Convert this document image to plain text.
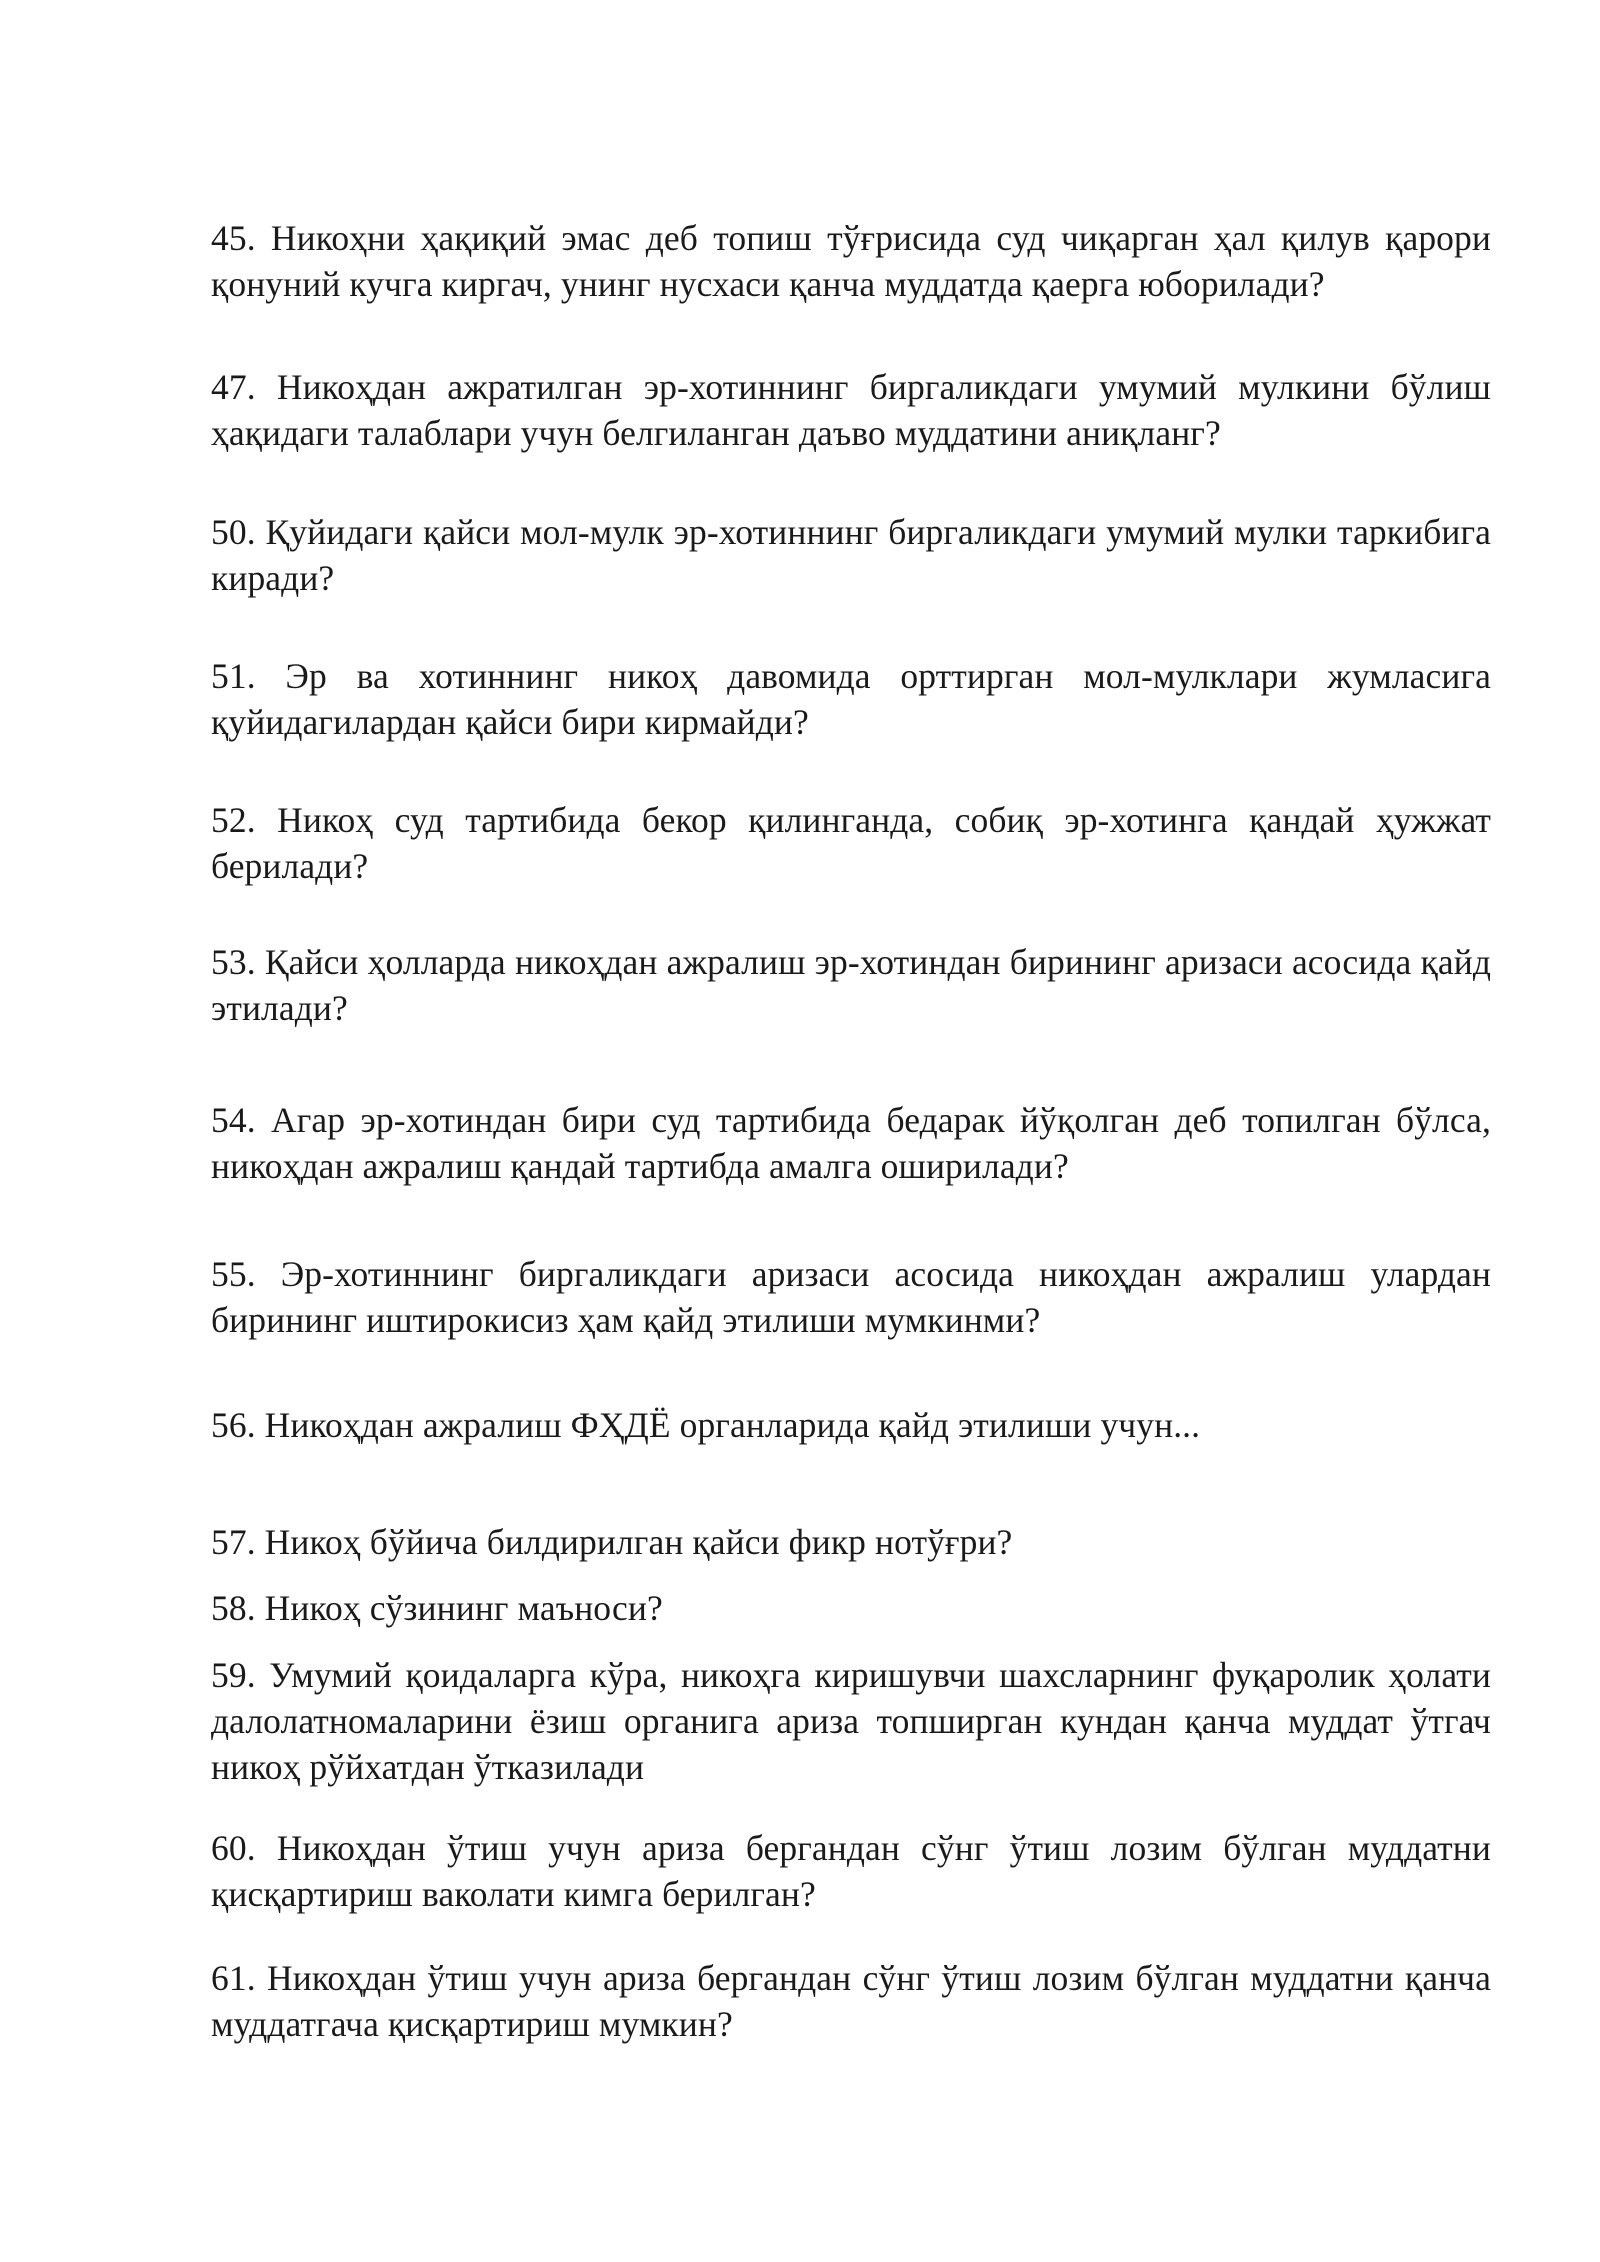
45. Никоҳни ҳақиқий эмас деб топиш тўғрисида суд чиқарган ҳал қилув қарори қонуний кучга киргач, унинг нусхаси қанча муддатда қаерга юборилади?

47. Никоҳдан ажратилган эр-хотиннинг биргаликдаги умумий мулкини бўлиш ҳақидаги талаблари учун белгиланган даъво муддатини аниқланг?

50. Қуйидаги қайси мол-мулк эр-хотиннинг биргаликдаги умумий мулки таркибига киради?

51. Эр ва хотиннинг никоҳ давомида орттирган мол-мулклари жумласига қуйидагилардан қайси бири кирмайди?

52. Никоҳ суд тартибида бекор қилинганда, собиқ эр-хотинга қандай ҳужжат берилади?

53. Қайси ҳолларда никоҳдан ажралиш эр-хотиндан бирининг аризаси асосида қайд этилади?

54. Агар эр-хотиндан бири суд тартибида бедарак йўқолган деб топилган бўлса, никоҳдан ажралиш қандай тартибда амалга оширилади?

55. Эр-хотиннинг биргаликдаги аризаси асосида никоҳдан ажралиш улардан бирининг иштирокисиз ҳам қайд этилиши мумкинми?

56. Никоҳдан ажралиш ФҲДЁ органларида қайд этилиши учун...

57. Никоҳ бўйича билдирилган қайси фикр нотўғри?

58. Никоҳ сўзининг маъноси?

59. Умумий қоидаларга кўра, никоҳга киришувчи шахсларнинг фуқаролик ҳолати далолатномаларини ёзиш органига ариза топширган кундан қанча муддат ўтгач никоҳ рўйхатдан ўтказилади

60. Никоҳдан ўтиш учун ариза бергандан сўнг ўтиш лозим бўлган муддатни қисқартириш ваколати кимга берилган?

61. Никоҳдан ўтиш учун ариза бергандан сўнг ўтиш лозим бўлган муддатни қанча муддатгача қисқартириш мумкин?
